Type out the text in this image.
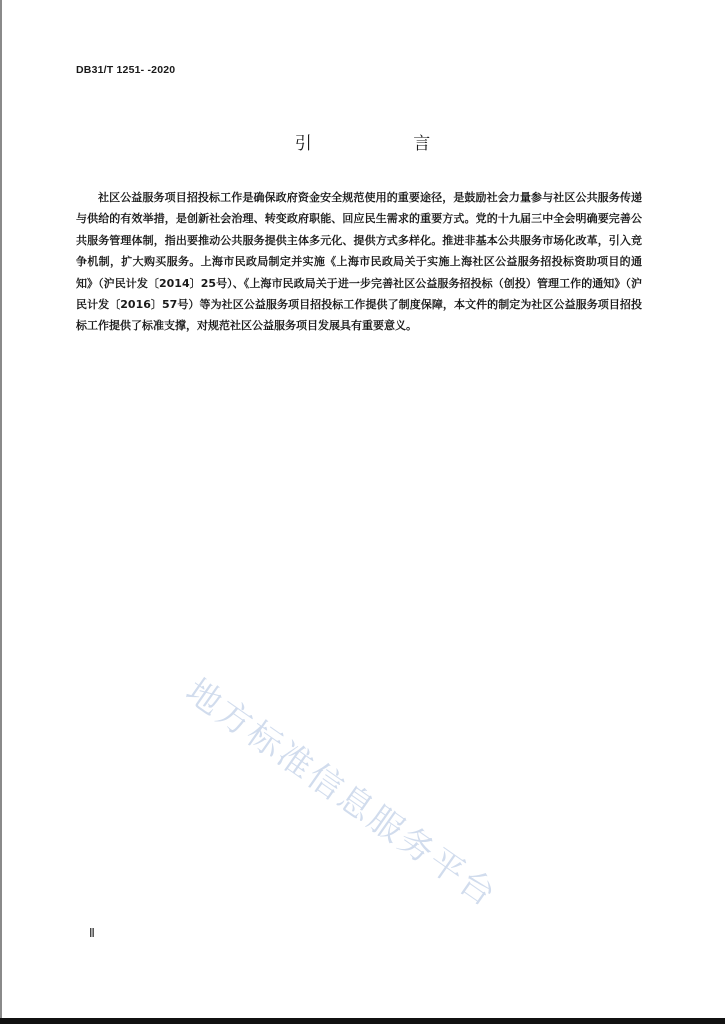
DB31/T 1251- -2020
引 言
社区公益服务项目招投标工作是确保政府资金安全规范使用的重要途径，是鼓励社会力量参与社区公共服务传递与供给的有效举措，是创新社会治理、转变政府职能、回应民生需求的重要方式。党的十九届三中全会明确要完善公共服务管理体制，指出要推动公共服务提供主体多元化、提供方式多样化。推进非基本公共服务市场化改革，引入竞争机制，扩大购买服务。上海市民政局制定并实施《上海市民政局关于实施上海社区公益服务招投标资助项目的通知》（沪民计发〔2014〕25号）、《上海市民政局关于进一步完善社区公益服务招投标（创投）管理工作的通知》（沪民计发〔2016〕57号）等为社区公益服务项目招投标工作提供了制度保障，本文件的制定为社区公益服务项目招投标工作提供了标准支撑，对规范社区公益服务项目发展具有重要意义。
地方标准信息服务平台
Ⅱ
